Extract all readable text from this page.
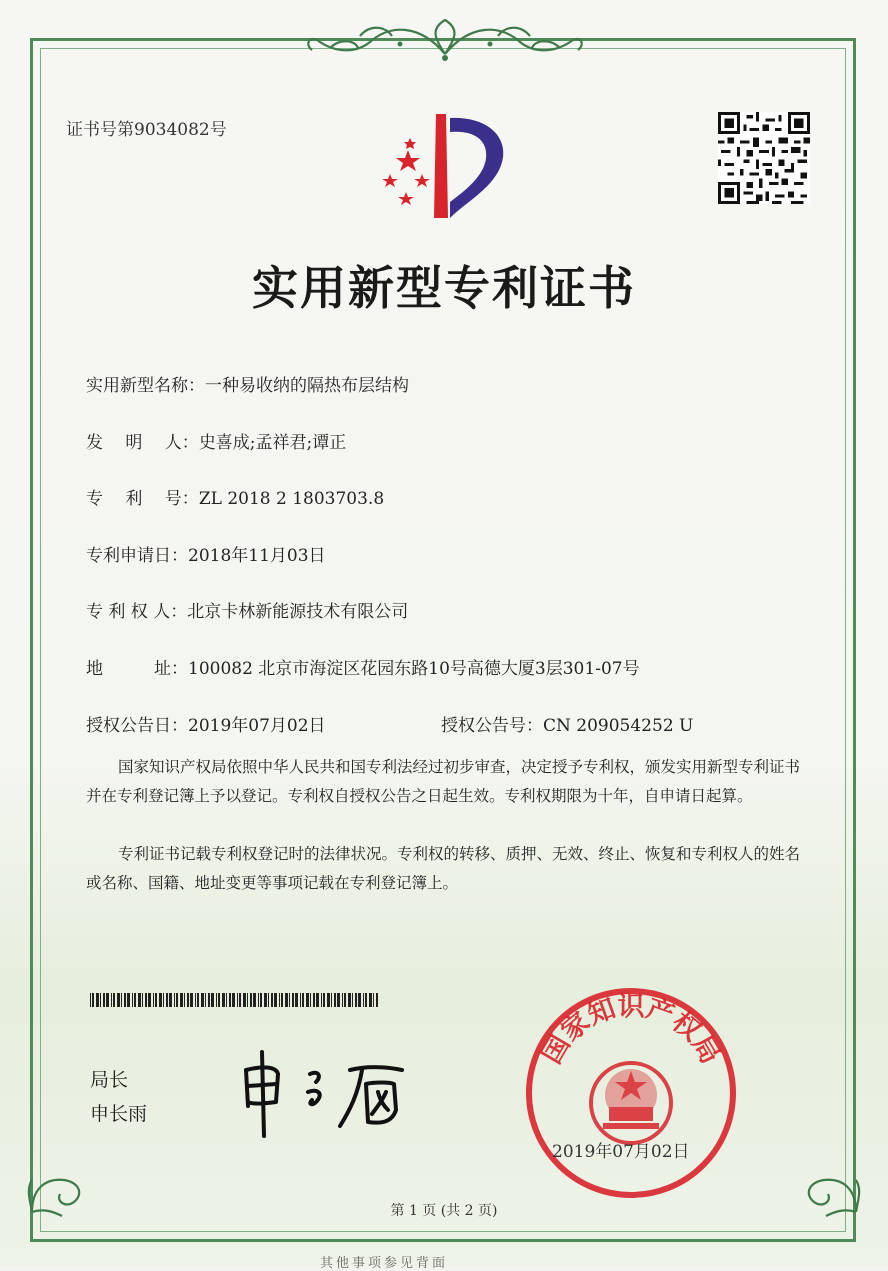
证书号第9034082号
实用新型专利证书
实用新型名称：一种易收纳的隔热布层结构
发　 明　 人：史喜成;孟祥君;谭正
专　 利　 号：ZL 2018 2 1803703.8
专利申请日：2018年11月03日
专 利 权 人：北京卡林新能源技术有限公司
地　　　址：100082 北京市海淀区花园东路10号高德大厦3层301-07号
授权公告日：2019年07月02日	授权公告号：CN 209054252 U
国家知识产权局依照中华人民共和国专利法经过初步审查，决定授予专利权，颁发实用新型专利证书并在专利登记簿上予以登记。专利权自授权公告之日起生效。专利权期限为十年，自申请日起算。
专利证书记载专利权登记时的法律状况。专利权的转移、质押、无效、终止、恢复和专利权人的姓名或名称、国籍、地址变更等事项记载在专利登记簿上。
局长
申长雨
国家知识产权局
2019年07月02日
第 1 页 (共 2 页)
其他事项参见背面
